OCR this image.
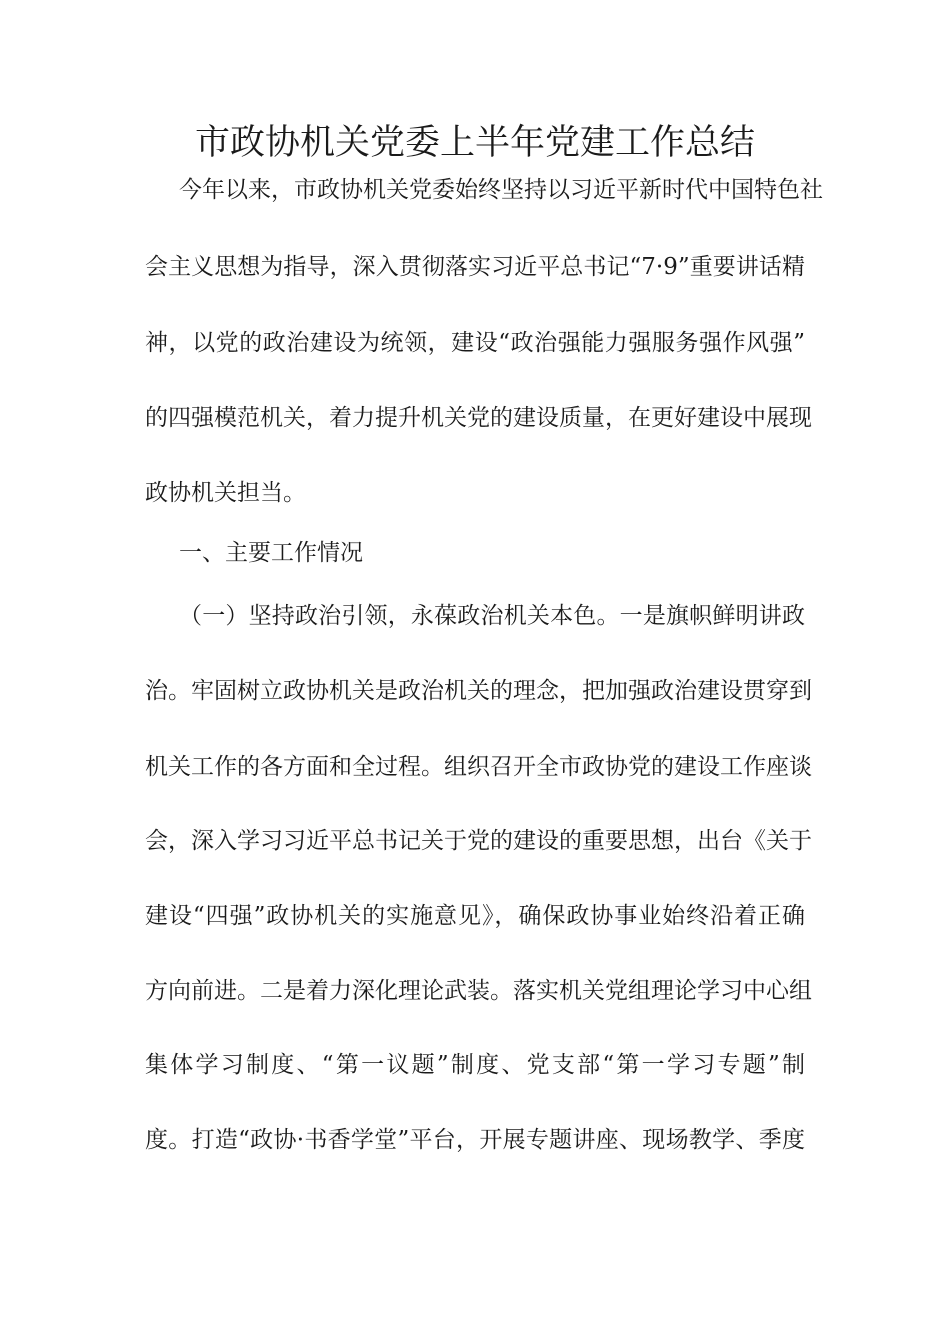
市政协机关党委上半年党建工作总结

今年以来，市政协机关党委始终坚持以习近平新时代中国特色社

会主义思想为指导，深入贯彻落实习近平总书记“7·9”重要讲话精

神，以党的政治建设为统领，建设“政治强能力强服务强作风强”

的四强模范机关，着力提升机关党的建设质量，在更好建设中展现

政协机关担当。

一、主要工作情况

（一）坚持政治引领，永葆政治机关本色。一是旗帜鲜明讲政

治。牢固树立政协机关是政治机关的理念，把加强政治建设贯穿到

机关工作的各方面和全过程。组织召开全市政协党的建设工作座谈

会，深入学习习近平总书记关于党的建设的重要思想，出台《关于

建设“四强”政协机关的实施意见》，确保政协事业始终沿着正确

方向前进。二是着力深化理论武装。落实机关党组理论学习中心组

集体学习制度、“第一议题”制度、党支部“第一学习专题”制

度。打造“政协·书香学堂”平台，开展专题讲座、现场教学、季度
